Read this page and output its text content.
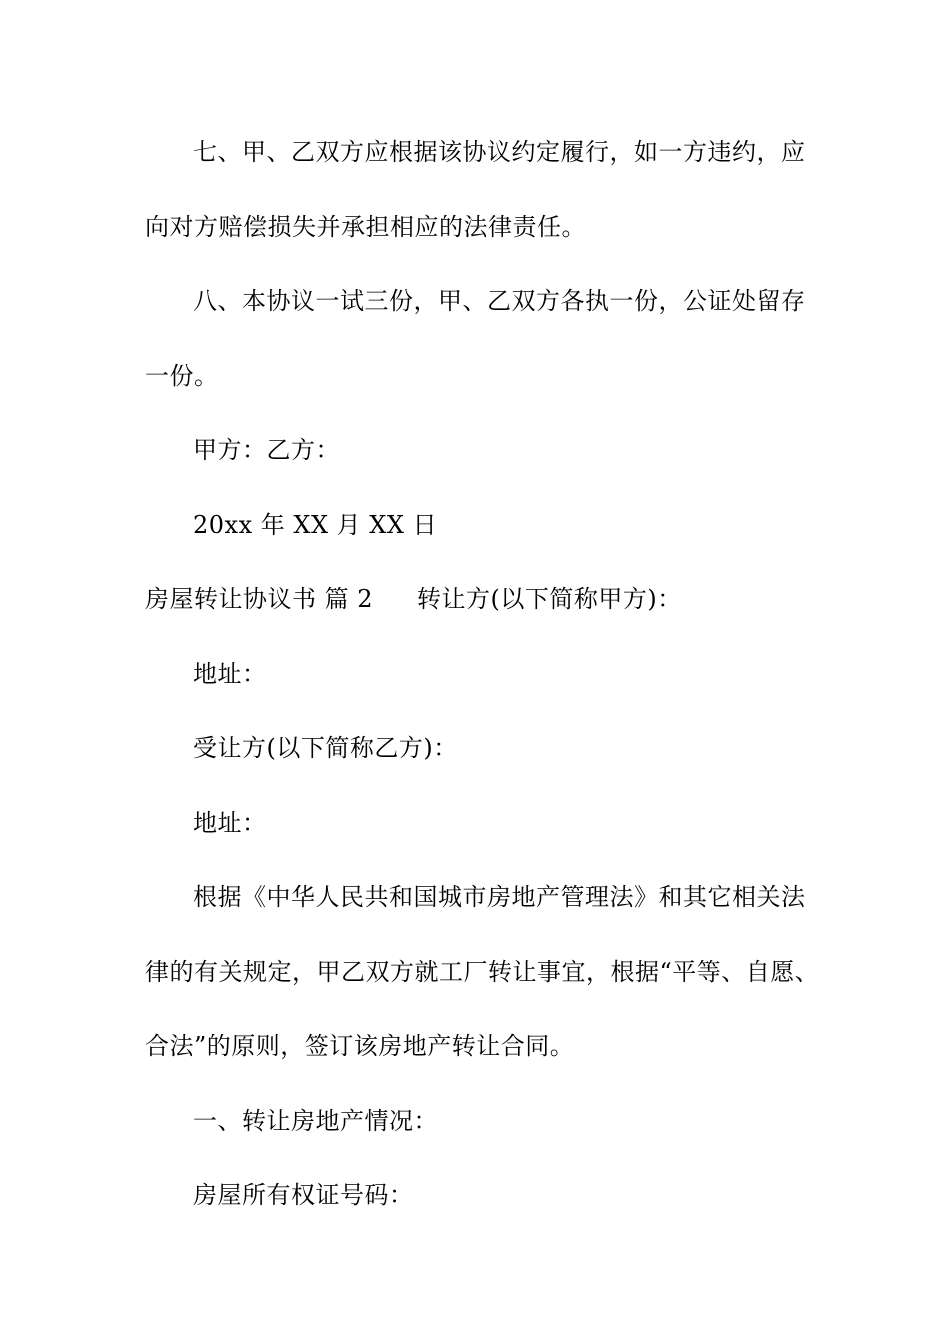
七、甲、乙双方应根据该协议约定履行，如一方违约，应
向对方赔偿损失并承担相应的法律责任。
八、本协议一试三份，甲、乙双方各执一份，公证处留存
一份。
甲方：乙方：
20xx 年 XX 月 XX 日
房屋转让协议书 篇 2 转让方(以下简称甲方)：
地址：
受让方(以下简称乙方)：
地址：
根据《中华人民共和国城市房地产管理法》和其它相关法
律的有关规定，甲乙双方就工厂转让事宜，根据“平等、自愿、
合法”的原则，签订该房地产转让合同。
一、转让房地产情况：
房屋所有权证号码：
